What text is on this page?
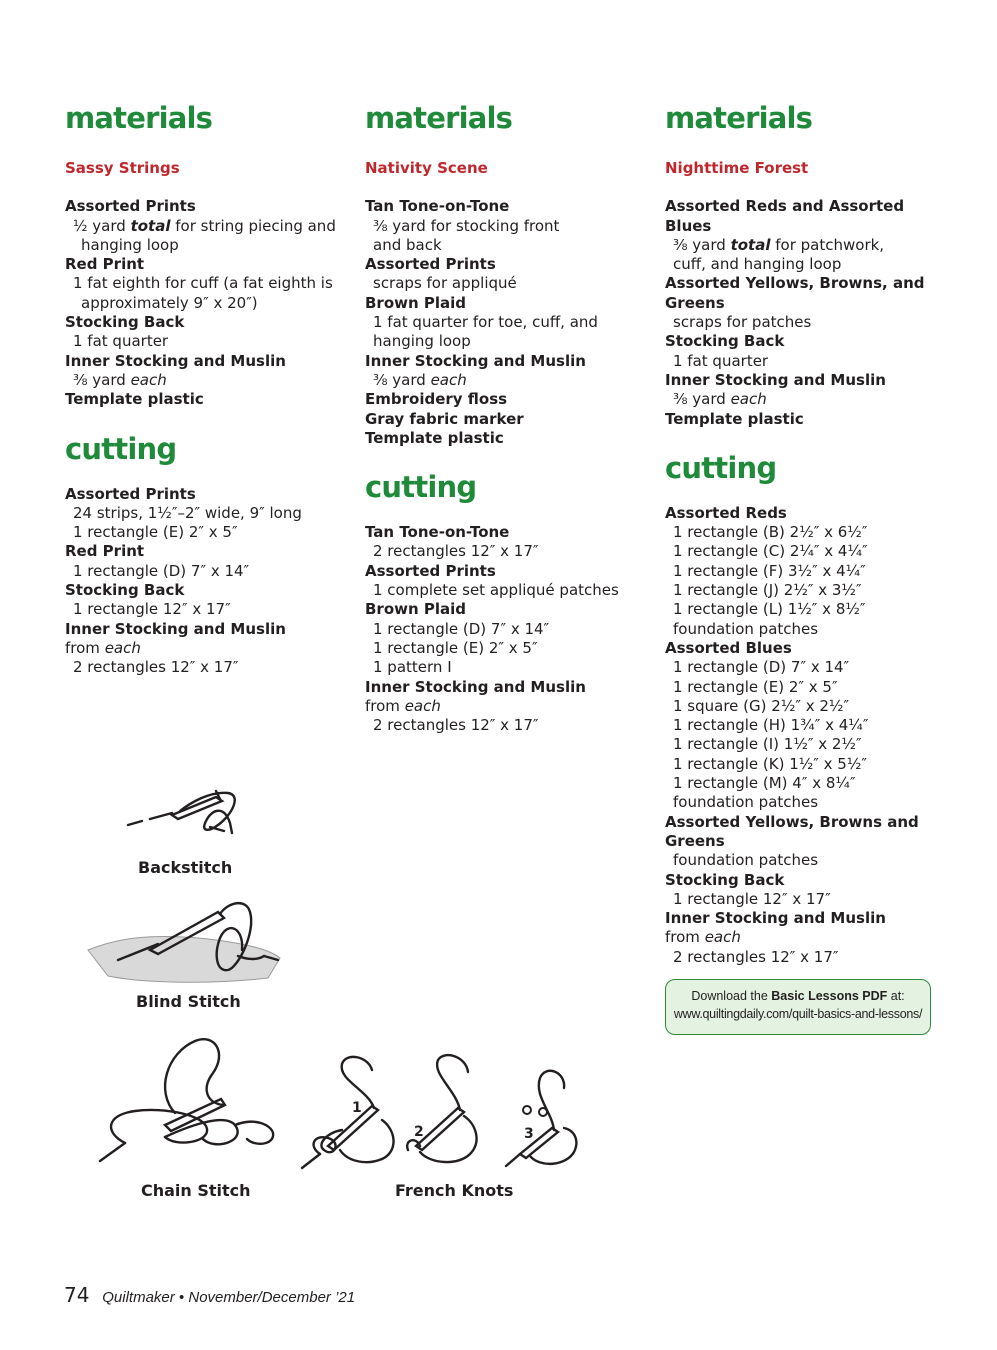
materials
Sassy Strings
Assorted Prints
½ yard total for string piecing and
hanging loop
Red Print
1 fat eighth for cuff (a fat eighth is
approximately 9″ x 20″)
Stocking Back
1 fat quarter
Inner Stocking and Muslin
⅜ yard each
Template plastic
cutting
Assorted Prints
24 strips, 1½″–2″ wide, 9″ long
1 rectangle (E) 2″ x 5″
Red Print
1 rectangle (D) 7″ x 14″
Stocking Back
1 rectangle 12″ x 17″
Inner Stocking and Muslin
from each
2 rectangles 12″ x 17″
materials
Nativity Scene
Tan Tone-on-Tone
⅜ yard for stocking front
and back
Assorted Prints
scraps for appliqué
Brown Plaid
1 fat quarter for toe, cuff, and
hanging loop
Inner Stocking and Muslin
⅜ yard each
Embroidery floss
Gray fabric marker
Template plastic
cutting
Tan Tone-on-Tone
2 rectangles 12″ x 17″
Assorted Prints
1 complete set appliqué patches
Brown Plaid
1 rectangle (D) 7″ x 14″
1 rectangle (E) 2″ x 5″
1 pattern I
Inner Stocking and Muslin
from each
2 rectangles 12″ x 17″
materials
Nighttime Forest
Assorted Reds and Assorted Blues
⅜ yard total for patchwork,
cuff, and hanging loop
Assorted Yellows, Browns, and
Greens
scraps for patches
Stocking Back
1 fat quarter
Inner Stocking and Muslin
⅜ yard each
Template plastic
cutting
Assorted Reds
1 rectangle (B) 2½″ x 6½″
1 rectangle (C) 2¼″ x 4¼″
1 rectangle (F) 3½″ x 4¼″
1 rectangle (J) 2½″ x 3½″
1 rectangle (L) 1½″ x 8½″
foundation patches
Assorted Blues
1 rectangle (D) 7″ x 14″
1 rectangle (E) 2″ x 5″
1 square (G) 2½″ x 2½″
1 rectangle (H) 1¾″ x 4¼″
1 rectangle (I) 1½″ x 2½″
1 rectangle (K) 1½″ x 5½″
1 rectangle (M) 4″ x 8¼″
foundation patches
Assorted Yellows, Browns and
Greens
foundation patches
Stocking Back
1 rectangle 12″ x 17″
Inner Stocking and Muslin
from each
2 rectangles 12″ x 17″
Download the Basic Lessons PDF at:
www.quiltingdaily.com/quilt-basics-and-lessons/
Backstitch
Blind Stitch
Chain Stitch
1
2	3
French Knots
74 Quiltmaker • November/December ’21
